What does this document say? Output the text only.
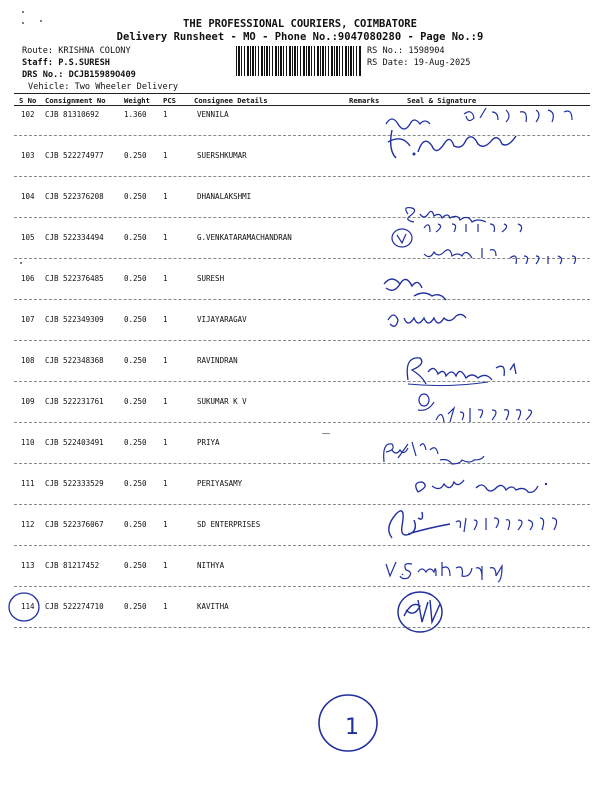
THE PROFESSIONAL COURIERS, COIMBATORE
Delivery Runsheet - MO - Phone No.:9047080280 - Page No.:9
Route: KRISHNA COLONY
Staff: P.S.SURESH
DRS No.: DCJB15989O409
Vehicle: Two Wheeler Delivery
RS No.: 1598904
RS Date: 19-Aug-2025
S No Consignment No	Weight PCS	Consignee Details	Remarks	Seal & Signature
102 CJB 81310692	1.360 1	VENNILA
103 CJB 522274977	0.250 1	SUERSHKUMAR
104 CJB 522376208	0.250 1	DHANALAKSHMI
105 CJB 522334494	0.250 1	G.VENKATARAMACHANDRAN
106 CJB 522376485	0.250 1	SURESH
107 CJB 522349309	0.250 1	VIJAYARAGAV
108 CJB 522348368	0.250 1	RAVINDRAN
109 CJB 522231761	0.250 1	SUKUMAR K V
110 CJB 522403491	0.250 1	PRIYA
111 CJB 522333529	0.250 1	PERIYASAMY
112 CJB 522376067	0.250 1	SD ENTERPRISES
113 CJB 81217452	0.250 1	NITHYA
114 CJB 522274710	0.250 1	KAVITHA
1
